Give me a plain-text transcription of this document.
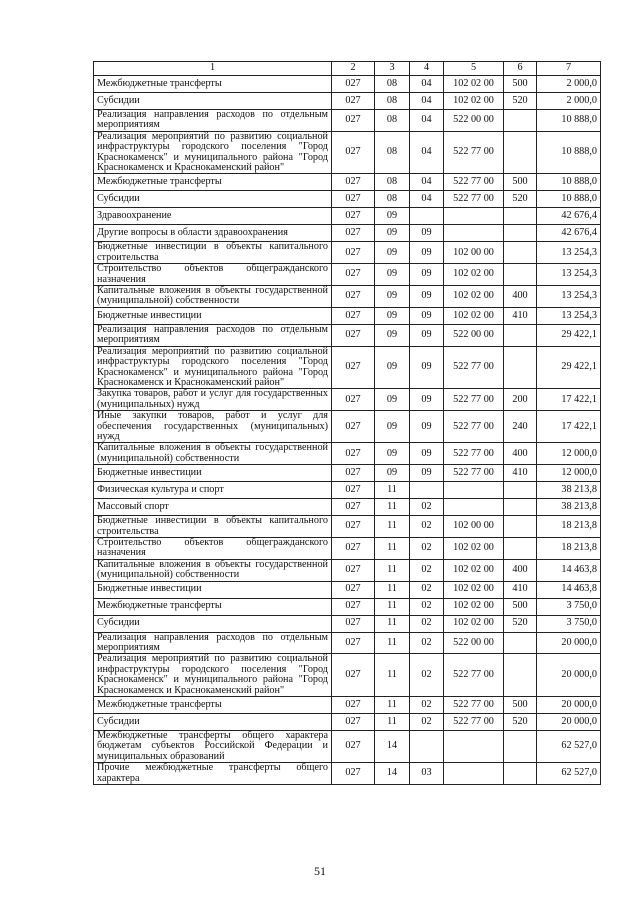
1	2	3	4	5	6	7
Межбюджетные трансферты	027	08	04	102 02 00	500	2 000,0
Субсидии	027	08	04	102 02 00	520	2 000,0
Реализация направления расходов по отдельным мероприятиям	027	08	04	522 00 00		10 888,0
Реализация мероприятий по развитию социальной инфраструктуры городского поселения "Город Краснокаменск" и муниципального района "Город Краснокаменск и Краснокаменский район"	027	08	04	522 77 00		10 888,0
Межбюджетные трансферты	027	08	04	522 77 00	500	10 888,0
Субсидии	027	08	04	522 77 00	520	10 888,0
Здравоохранение	027	09				42 676,4
Другие вопросы в области здравоохранения	027	09	09			42 676,4
Бюджетные инвестиции в объекты капитального строительства	027	09	09	102 00 00		13 254,3
Строительство объектов общегражданского назначения	027	09	09	102 02 00		13 254,3
Капитальные вложения в объекты государственной (муниципальной) собственности	027	09	09	102 02 00	400	13 254,3
Бюджетные инвестиции	027	09	09	102 02 00	410	13 254,3
Реализация направления расходов по отдельным мероприятиям	027	09	09	522 00 00		29 422,1
Реализация мероприятий по развитию социальной инфраструктуры городского поселения "Город Краснокаменск" и муниципального района "Город Краснокаменск и Краснокаменский район"	027	09	09	522 77 00		29 422,1
Закупка товаров, работ и услуг для государственных (муниципальных) нужд	027	09	09	522 77 00	200	17 422,1
Иные закупки товаров, работ и услуг для обеспечения государственных (муниципальных) нужд	027	09	09	522 77 00	240	17 422,1
Капитальные вложения в объекты государственной (муниципальной) собственности	027	09	09	522 77 00	400	12 000,0
Бюджетные инвестиции	027	09	09	522 77 00	410	12 000,0
Физическая культура и спорт	027	11				38 213,8
Массовый спорт	027	11	02			38 213,8
Бюджетные инвестиции в объекты капитального строительства	027	11	02	102 00 00		18 213,8
Строительство объектов общегражданского назначения	027	11	02	102 02 00		18 213,8
Капитальные вложения в объекты государственной (муниципальной) собственности	027	11	02	102 02 00	400	14 463,8
Бюджетные инвестиции	027	11	02	102 02 00	410	14 463,8
Межбюджетные трансферты	027	11	02	102 02 00	500	3 750,0
Субсидии	027	11	02	102 02 00	520	3 750,0
Реализация направления расходов по отдельным мероприятиям	027	11	02	522 00 00		20 000,0
Реализация мероприятий по развитию социальной инфраструктуры городского поселения "Город Краснокаменск" и муниципального района "Город Краснокаменск и Краснокаменский район"	027	11	02	522 77 00		20 000,0
Межбюджетные трансферты	027	11	02	522 77 00	500	20 000,0
Субсидии	027	11	02	522 77 00	520	20 000,0
Межбюджетные трансферты общего характера бюджетам субъектов Российской Федерации и муниципальных образований	027	14				62 527,0
Прочие межбюджетные трансферты общего характера	027	14	03			62 527,0
51
